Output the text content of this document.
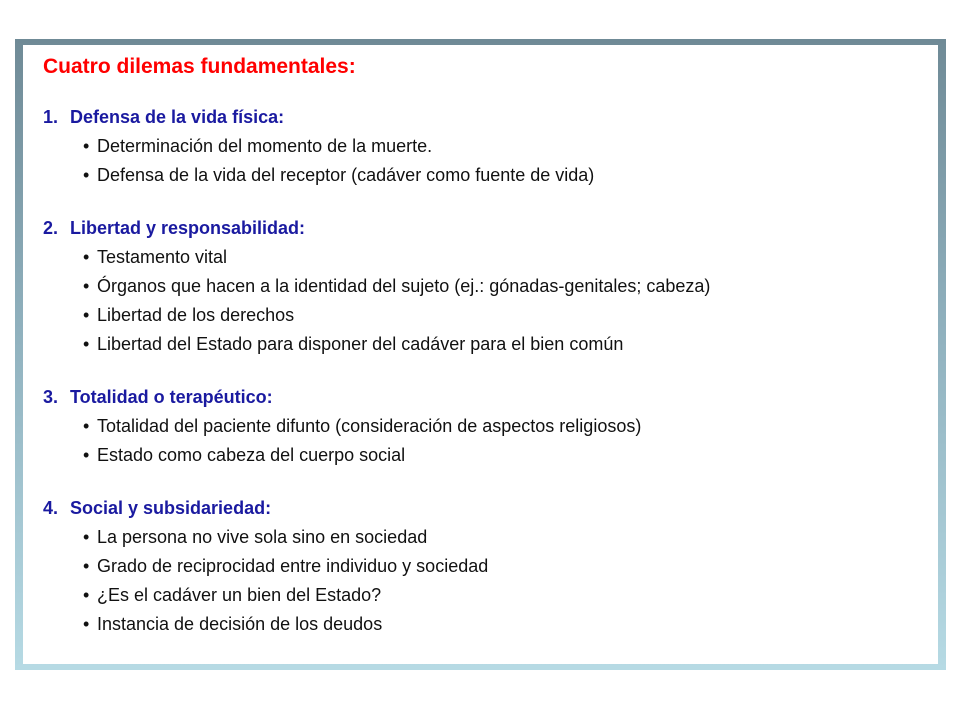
Cuatro dilemas fundamentales:
1. Defensa de la vida física:
• Determinación del momento de la muerte.
• Defensa de la vida del receptor (cadáver como fuente de vida)
2. Libertad y responsabilidad:
• Testamento vital
• Órganos que hacen a la identidad del sujeto (ej.: gónadas-genitales; cabeza)
• Libertad de los derechos
• Libertad del Estado para disponer del cadáver para el bien común
3. Totalidad o terapéutico:
• Totalidad del paciente difunto (consideración de aspectos religiosos)
• Estado como cabeza del cuerpo social
4. Social y subsidariedad:
• La persona no vive sola sino en sociedad
• Grado de reciprocidad entre individuo y sociedad
• ¿Es el cadáver un bien del Estado?
• Instancia de decisión de los deudos
